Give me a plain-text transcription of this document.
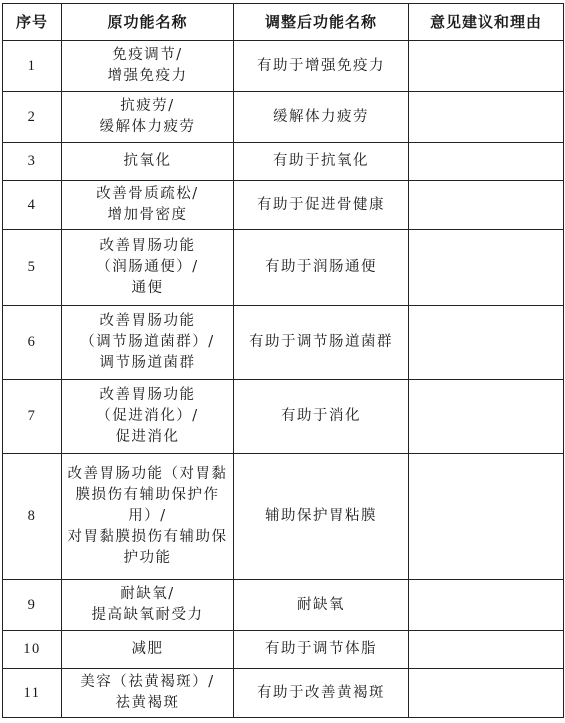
序号	原功能名称	调整后功能名称	意见建议和理由
1	免疫调节/
增强免疫力	有助于增强免疫力	
2	抗疲劳/
缓解体力疲劳	缓解体力疲劳	
3	抗氧化	有助于抗氧化	
4	改善骨质疏松/
增加骨密度	有助于促进骨健康	
5	改善胃肠功能
（润肠通便）/
通便	有助于润肠通便	
6	改善胃肠功能
（调节肠道菌群）/
调节肠道菌群	有助于调节肠道菌群	
7	改善胃肠功能
（促进消化）/
促进消化	有助于消化	
8	改善胃肠功能（对胃黏膜损伤有辅助保护作用）/
对胃黏膜损伤有辅助保护功能	辅助保护胃粘膜	
9	耐缺氧/
提高缺氧耐受力	耐缺氧	
10	减肥	有助于调节体脂	
11	美容（祛黄褐斑）/
祛黄褐斑	有助于改善黄褐斑	
